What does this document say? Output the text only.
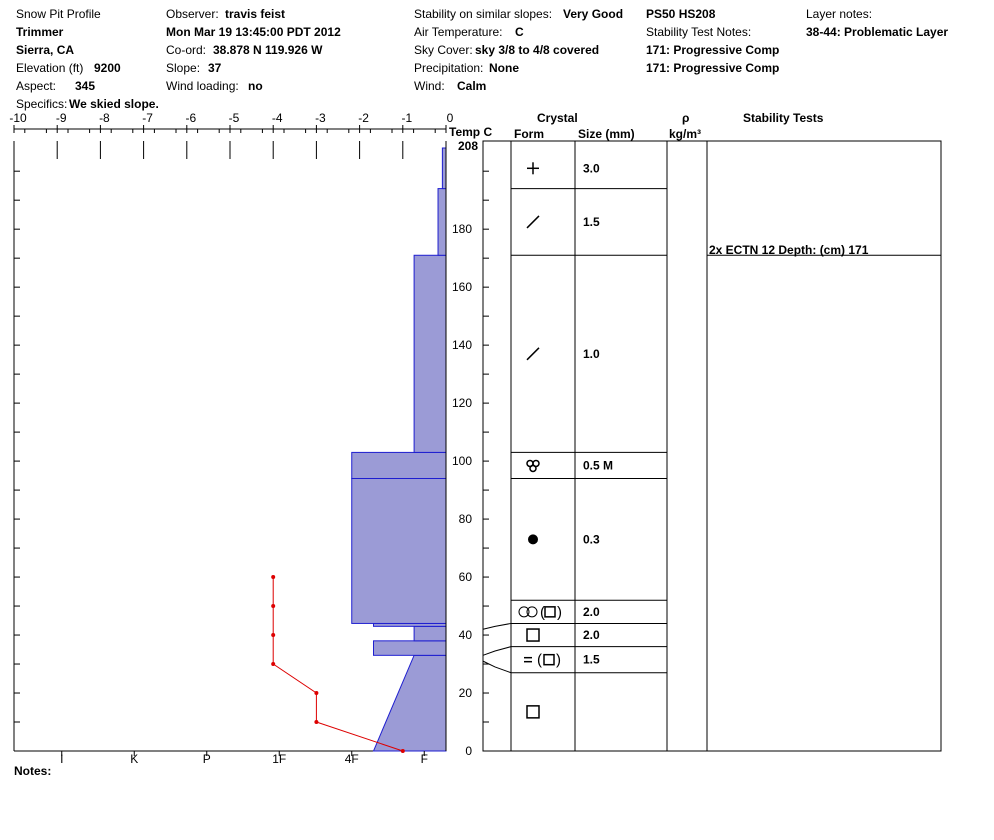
Snow Pit Profile
Trimmer
Sierra, CA
Elevation (ft) 9200
Aspect: 345
Specifics: We skied slope.
Observer: travis feist
Mon Mar 19 13:45:00 PDT 2012
Co-ord: 38.878 N 119.926 W
Slope: 37
Wind loading: no
Stability on similar slopes: Very Good
Air Temperature: C
Sky Cover: sky 3/8 to 4/8 covered
Precipitation: None
Wind: Calm
PS50 HS208
Stability Test Notes:
171: Progressive Comp
171: Progressive Comp
Layer notes:
38-44: Problematic Layer
Temp C
Crystal
Form	Size (mm)
ρ
kg/m³
Stability Tests
Notes:
2x ECTN 12 Depth: (cm) 171
-10 -9	-8	-7	-6	-5	-4	-3	-2	-1	0
0
20
40
60
80
100
120
140
160
180
208
I	K	P	1F	4F	F
3.0
1.5
1.0
0.5 M
0.3
( ) 2.0
2.0
( ) 1.5
